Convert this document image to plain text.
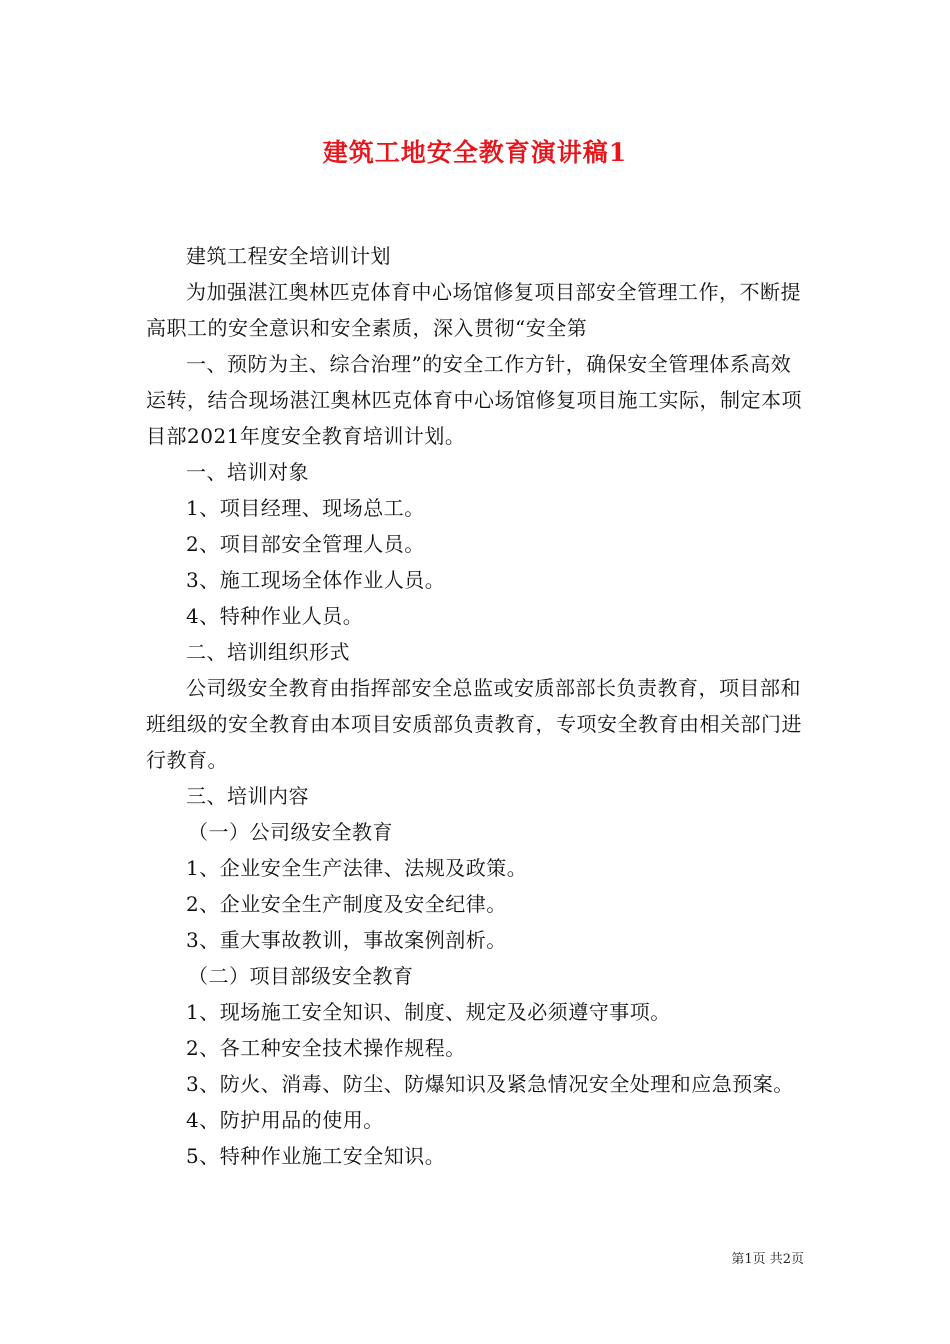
建筑工地安全教育演讲稿1

建筑工程安全培训计划

为加强湛江奥林匹克体育中心场馆修复项目部安全管理工作，不断提高职工的安全意识和安全素质，深入贯彻“安全第

一、预防为主、综合治理”的安全工作方针，确保安全管理体系高效运转，结合现场湛江奥林匹克体育中心场馆修复项目施工实际，制定本项目部2021年度安全教育培训计划。

一、培训对象

1、项目经理、现场总工。

2、项目部安全管理人员。

3、施工现场全体作业人员。

4、特种作业人员。

二、培训组织形式

公司级安全教育由指挥部安全总监或安质部部长负责教育，项目部和班组级的安全教育由本项目安质部负责教育，专项安全教育由相关部门进行教育。

三、培训内容

（一）公司级安全教育

1、企业安全生产法律、法规及政策。

2、企业安全生产制度及安全纪律。

3、重大事故教训，事故案例剖析。

（二）项目部级安全教育

1、现场施工安全知识、制度、规定及必须遵守事项。

2、各工种安全技术操作规程。

3、防火、消毒、防尘、防爆知识及紧急情况安全处理和应急预案。

4、防护用品的使用。

5、特种作业施工安全知识。

第1页 共2页
